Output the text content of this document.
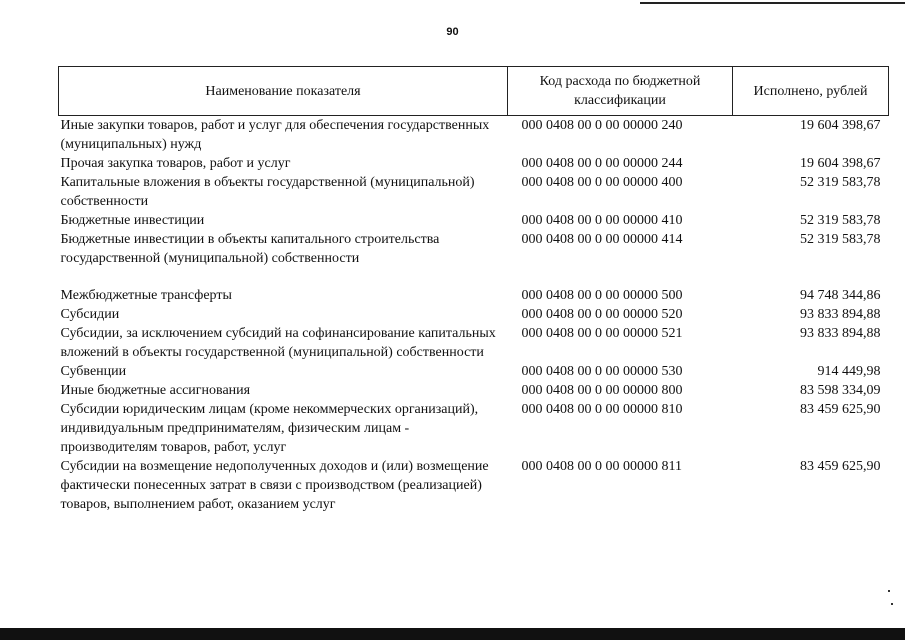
90
Наименование показателя	Код расхода по бюджетной классификации	Исполнено, рублей
Иные закупки товаров, работ и услуг для обеспечения государственных (муниципальных) нужд	000 0408 00 0 00 00000 240	19 604 398,67
Прочая закупка товаров, работ и услуг	000 0408 00 0 00 00000 244	19 604 398,67
Капитальные вложения в объекты государственной (муниципальной) собственности	000 0408 00 0 00 00000 400	52 319 583,78
Бюджетные инвестиции	000 0408 00 0 00 00000 410	52 319 583,78
Бюджетные инвестиции в объекты капитального строительства государственной (муниципальной) собственности	000 0408 00 0 00 00000 414	52 319 583,78

Межбюджетные трансферты	000 0408 00 0 00 00000 500	94 748 344,86
Субсидии	000 0408 00 0 00 00000 520	93 833 894,88
Субсидии, за исключением субсидий на софинансирование капитальных вложений в объекты государственной (муниципальной) собственности	000 0408 00 0 00 00000 521	93 833 894,88
Субвенции	000 0408 00 0 00 00000 530	914 449,98
Иные бюджетные ассигнования	000 0408 00 0 00 00000 800	83 598 334,09
Субсидии юридическим лицам (кроме некоммерческих организаций), индивидуальным предпринимателям, физическим лицам - производителям товаров, работ, услуг	000 0408 00 0 00 00000 810	83 459 625,90
Субсидии на возмещение недополученных доходов и (или) возмещение фактически понесенных затрат в связи с производством (реализацией) товаров, выполнением работ, оказанием услуг	000 0408 00 0 00 00000 811	83 459 625,90
